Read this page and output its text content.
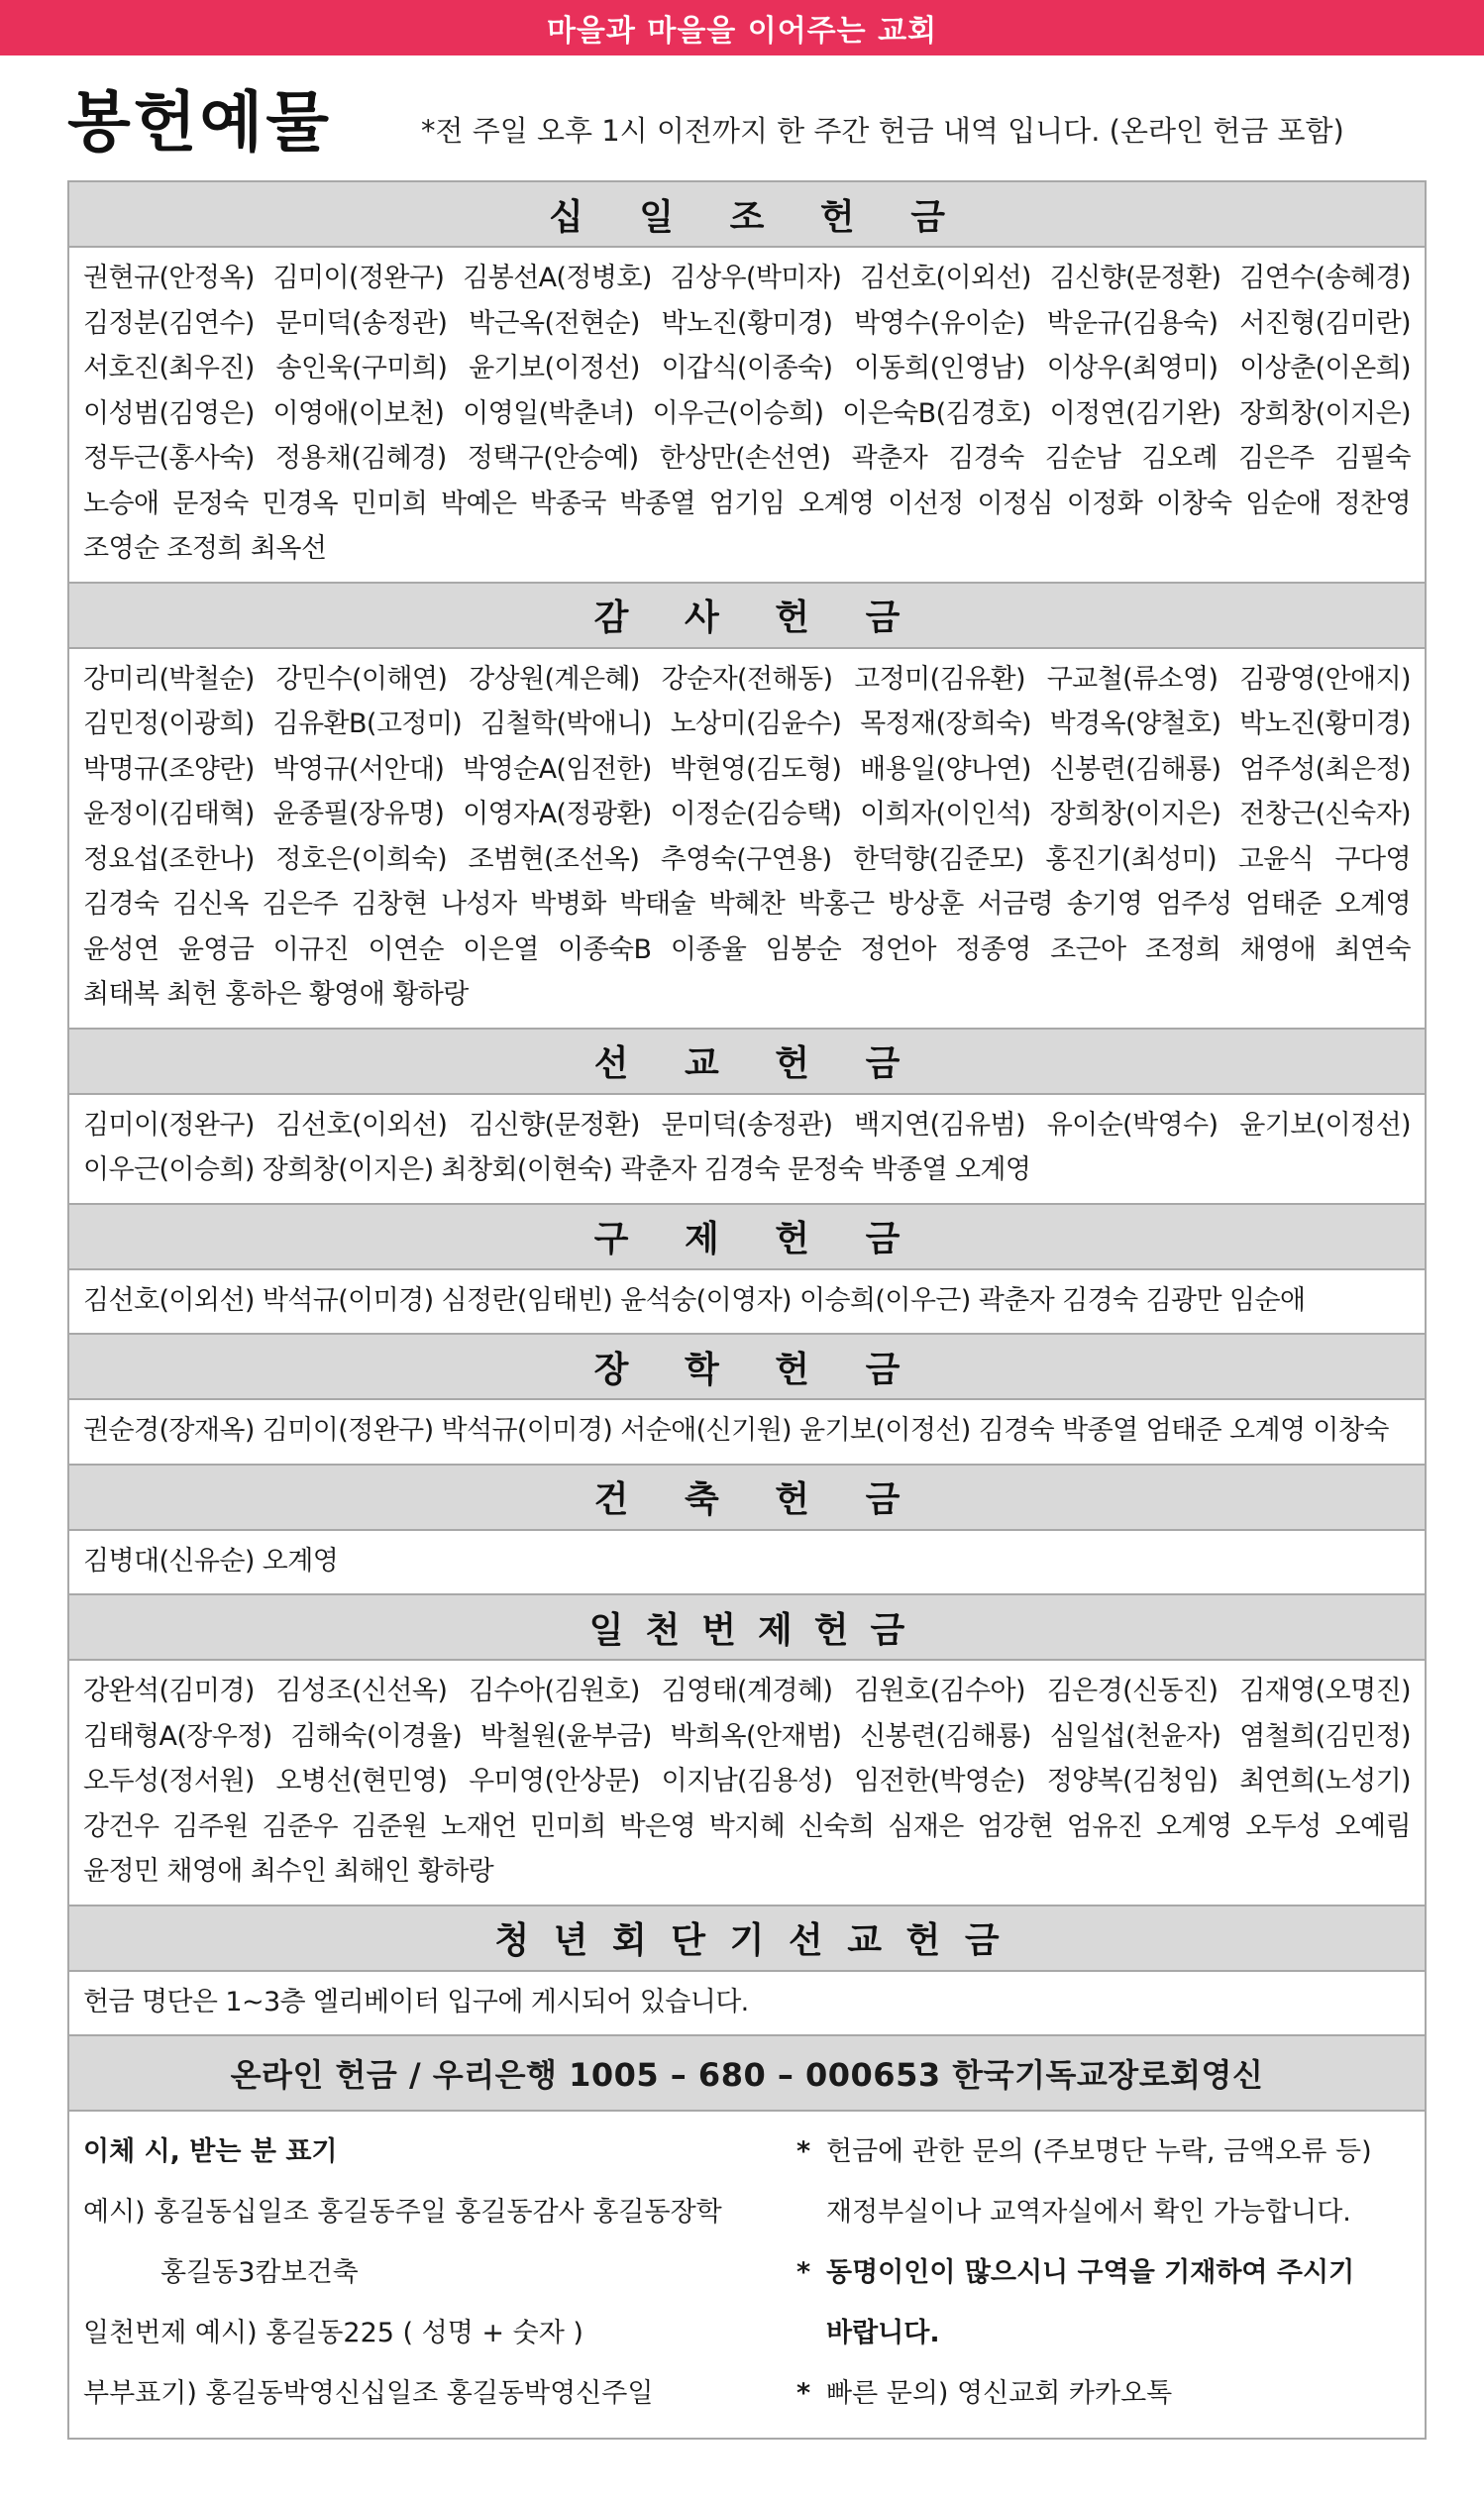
마을과 마을을 이어주는 교회
봉헌예물	*전 주일 오후 1시 이전까지 한 주간 헌금 내역 입니다. (온라인 헌금 포함)
십 일 조 헌 금
권현규(안정옥) 김미이(정완구) 김봉선A(정병호) 김상우(박미자) 김선호(이외선) 김신향(문정환) 김연수(송혜경)
김정분(김연수) 문미덕(송정관) 박근옥(전현순) 박노진(황미경) 박영수(유이순) 박운규(김용숙) 서진형(김미란)
서호진(최우진) 송인욱(구미희) 윤기보(이정선) 이갑식(이종숙) 이동희(인영남) 이상우(최영미) 이상춘(이온희)
이성범(김영은) 이영애(이보천) 이영일(박춘녀) 이우근(이승희) 이은숙B(김경호) 이정연(김기완) 장희창(이지은)
정두근(홍사숙) 정용채(김혜경) 정택구(안승예) 한상만(손선연) 곽춘자 김경숙 김순남 김오례 김은주 김필숙
노승애 문정숙 민경옥 민미희 박예은 박종국 박종열 엄기임 오계영 이선정 이정심 이정화 이창숙 임순애 정찬영
조영순 조정희 최옥선
감 사 헌 금
강미리(박철순) 강민수(이해연) 강상원(계은혜) 강순자(전해동) 고정미(김유환) 구교철(류소영) 김광영(안애지)
김민정(이광희) 김유환B(고정미) 김철학(박애니) 노상미(김윤수) 목정재(장희숙) 박경옥(양철호) 박노진(황미경)
박명규(조양란) 박영규(서안대) 박영순A(임전한) 박현영(김도형) 배용일(양나연) 신봉련(김해룡) 엄주성(최은정)
윤정이(김태혁) 윤종필(장유명) 이영자A(정광환) 이정순(김승택) 이희자(이인석) 장희창(이지은) 전창근(신숙자)
정요섭(조한나) 정호은(이희숙) 조범현(조선옥) 추영숙(구연용) 한덕향(김준모) 홍진기(최성미) 고윤식 구다영
김경숙 김신옥 김은주 김창현 나성자 박병화 박태술 박혜찬 박홍근 방상훈 서금령 송기영 엄주성 엄태준 오계영
윤성연 윤영금 이규진 이연순 이은열 이종숙B 이종율 임봉순 정언아 정종영 조근아 조정희 채영애 최연숙
최태복 최헌 홍하은 황영애 황하랑
선 교 헌 금
김미이(정완구) 김선호(이외선) 김신향(문정환) 문미덕(송정관) 백지연(김유범) 유이순(박영수) 윤기보(이정선)
이우근(이승희) 장희창(이지은) 최창회(이현숙) 곽춘자 김경숙 문정숙 박종열 오계영
구 제 헌 금
김선호(이외선) 박석규(이미경) 심정란(임태빈) 윤석숭(이영자) 이승희(이우근) 곽춘자 김경숙 김광만 임순애
장 학 헌 금
권순경(장재옥) 김미이(정완구) 박석규(이미경) 서순애(신기원) 윤기보(이정선) 김경숙 박종열 엄태준 오계영 이창숙
건 축 헌 금
김병대(신유순) 오계영
일천번제헌금
강완석(김미경) 김성조(신선옥) 김수아(김원호) 김영태(계경혜) 김원호(김수아) 김은경(신동진) 김재영(오명진)
김태형A(장우정) 김해숙(이경율) 박철원(윤부금) 박희옥(안재범) 신봉련(김해룡) 심일섭(천윤자) 염철희(김민정)
오두성(정서원) 오병선(현민영) 우미영(안상문) 이지남(김용성) 임전한(박영순) 정양복(김청임) 최연희(노성기)
강건우 김주원 김준우 김준원 노재언 민미희 박은영 박지혜 신숙희 심재은 엄강현 엄유진 오계영 오두성 오예림
윤정민 채영애 최수인 최해인 황하랑
청 년 회 단 기 선 교 헌 금
헌금 명단은 1~3층 엘리베이터 입구에 게시되어 있습니다.
온라인 헌금 / 우리은행 1005 – 680 – 000653 한국기독교장로회영신
이체 시, 받는 분 표기
예시) 홍길동십일조 홍길동주일 홍길동감사 홍길동장학
홍길동3캄보건축
일천번제 예시) 홍길동225 ( 성명 + 숫자 )
부부표기) 홍길동박영신십일조 홍길동박영신주일
* 헌금에 관한 문의 (주보명단 누락, 금액오류 등)
재정부실이나 교역자실에서 확인 가능합니다.
* 동명이인이 많으시니 구역을 기재하여 주시기
바랍니다.
* 빠른 문의) 영신교회 카카오톡
